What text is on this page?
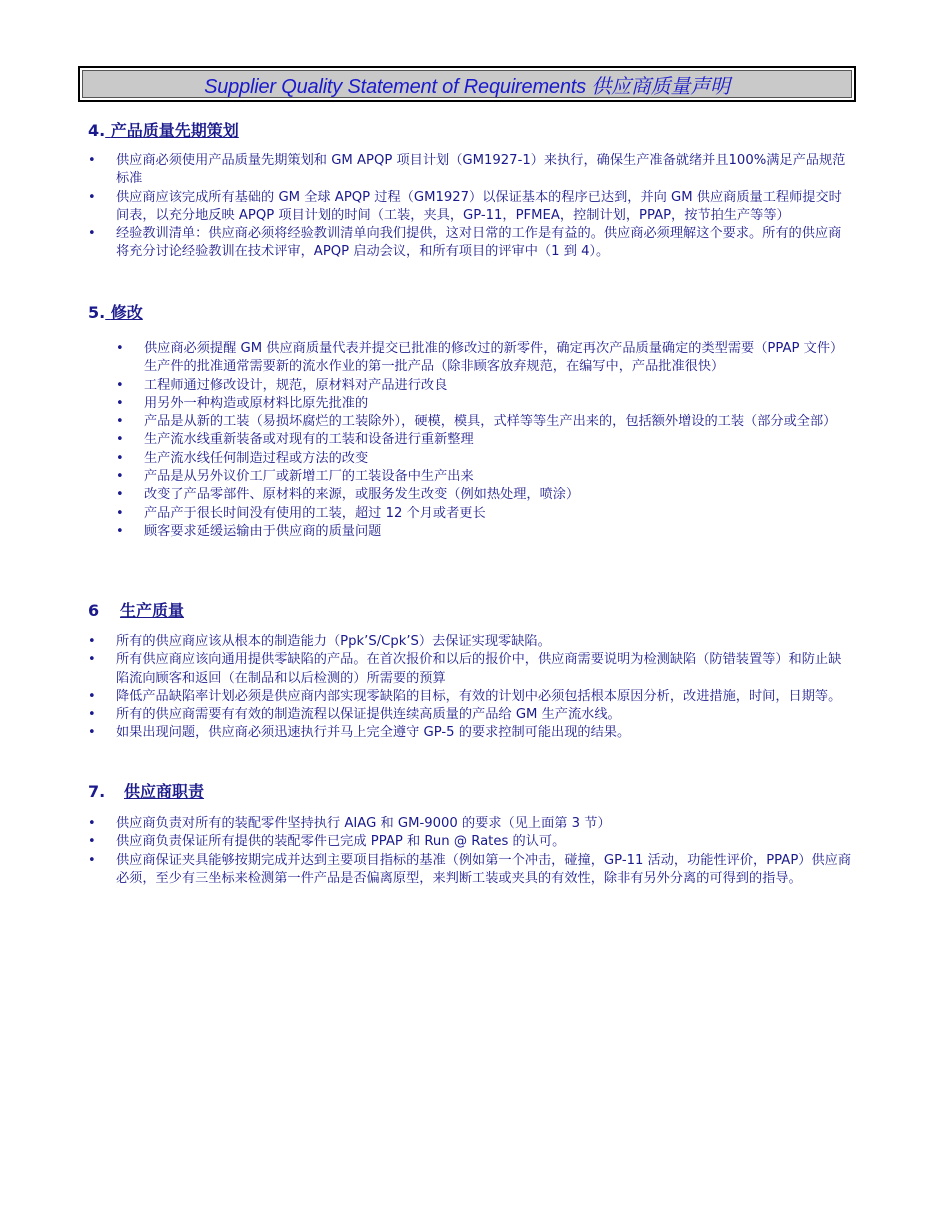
Supplier Quality Statement of Requirements 供应商质量声明
4. 产品质量先期策划
• 供应商必须使用产品质量先期策划和 GM APQP 项目计划（GM1927-1）来执行，确保生产准备就绪并且100%满足产品规范标准
• 供应商应该完成所有基础的 GM 全球 APQP 过程（GM1927）以保证基本的程序已达到，并向 GM 供应商质量工程师提交时间表，以充分地反映 APQP 项目计划的时间（工装，夹具，GP-11，PFMEA，控制计划，PPAP，按节拍生产等等）
• 经验教训清单：供应商必须将经验教训清单向我们提供，这对日常的工作是有益的。供应商必须理解这个要求。所有的供应商将充分讨论经验教训在技术评审，APQP 启动会议，和所有项目的评审中（1 到 4）。
5. 修改
• 供应商必须提醒 GM 供应商质量代表并提交已批准的修改过的新零件，确定再次产品质量确定的类型需要（PPAP 文件）生产件的批准通常需要新的流水作业的第一批产品（除非顾客放弃规范，在编写中，产品批准很快）
• 工程师通过修改设计，规范，原材料对产品进行改良
• 用另外一种构造或原材料比原先批准的
• 产品是从新的工装（易损坏腐烂的工装除外），硬模，模具，式样等等生产出来的，包括额外增设的工装（部分或全部）
• 生产流水线重新装备或对现有的工装和设备进行重新整理
• 生产流水线任何制造过程或方法的改变
• 产品是从另外议价工厂或新增工厂的工装设备中生产出来
• 改变了产品零部件、原材料的来源，或服务发生改变（例如热处理，喷涂）
• 产品产于很长时间没有使用的工装，超过 12 个月或者更长
• 顾客要求延缓运输由于供应商的质量问题
6 生产质量
• 所有的供应商应该从根本的制造能力（Ppk’S/Cpk’S）去保证实现零缺陷。
• 所有供应商应该向通用提供零缺陷的产品。在首次报价和以后的报价中，供应商需要说明为检测缺陷（防错装置等）和防止缺陷流向顾客和返回（在制品和以后检测的）所需要的预算
• 降低产品缺陷率计划必须是供应商内部实现零缺陷的目标，有效的计划中必须包括根本原因分析，改进措施，时间，日期等。
• 所有的供应商需要有有效的制造流程以保证提供连续高质量的产品给 GM 生产流水线。
• 如果出现问题，供应商必须迅速执行并马上完全遵守 GP-5 的要求控制可能出现的结果。
7. 供应商职责
• 供应商负责对所有的装配零件坚持执行 AIAG 和 GM-9000 的要求（见上面第 3 节）
• 供应商负责保证所有提供的装配零件已完成 PPAP 和 Run @ Rates 的认可。
• 供应商保证夹具能够按期完成并达到主要项目指标的基准（例如第一个冲击，碰撞，GP-11 活动，功能性评价，PPAP）供应商必须，至少有三坐标来检测第一件产品是否偏离原型，来判断工装或夹具的有效性，除非有另外分离的可得到的指导。
